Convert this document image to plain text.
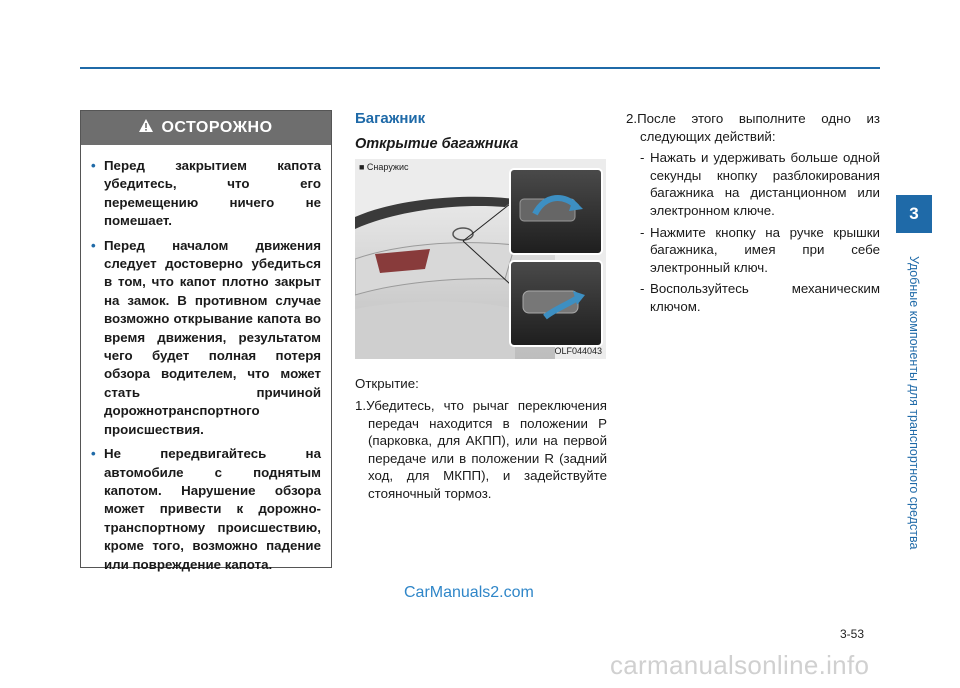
ОСТОРОЖНО
• Перед закрытием капота убедитесь, что его перемещению ничего не помешает.
• Перед началом движения следует достоверно убедиться в том, что капот плотно закрыт на замок. В противном случае возможно открывание капота во время движения, результатом чего будет полная потеря обзора водителем, что может стать причиной дорожнотранспортного происшествия.
• Не передвигайтесь на автомобиле с поднятым капотом. Нарушение обзора может привести к дорожно-транспортному происшествию, кроме того, возможно падение или повреждение капота.
Багажник
Открытие багажника
■ Снаружис
OLF044043
Открытие:
1.Убедитесь, что рычаг переключения передач находится в положении P (парковка, для АКПП), или на первой передаче или в положении R (задний ход, для МКПП), и задействуйте стояночный тормоз.
2.После этого выполните одно из следующих действий:
- Нажать и удерживать больше одной секунды кнопку разблокирования багажника на дистанционном или электронном ключе.
- Нажмите кнопку на ручке крышки багажника, имея при себе электронный ключ.
- Воспользуйтесь механическим ключом.
3
Удобные компоненты для транспортного средства
CarManuals2.com
3-53
carmanualsonline.info
